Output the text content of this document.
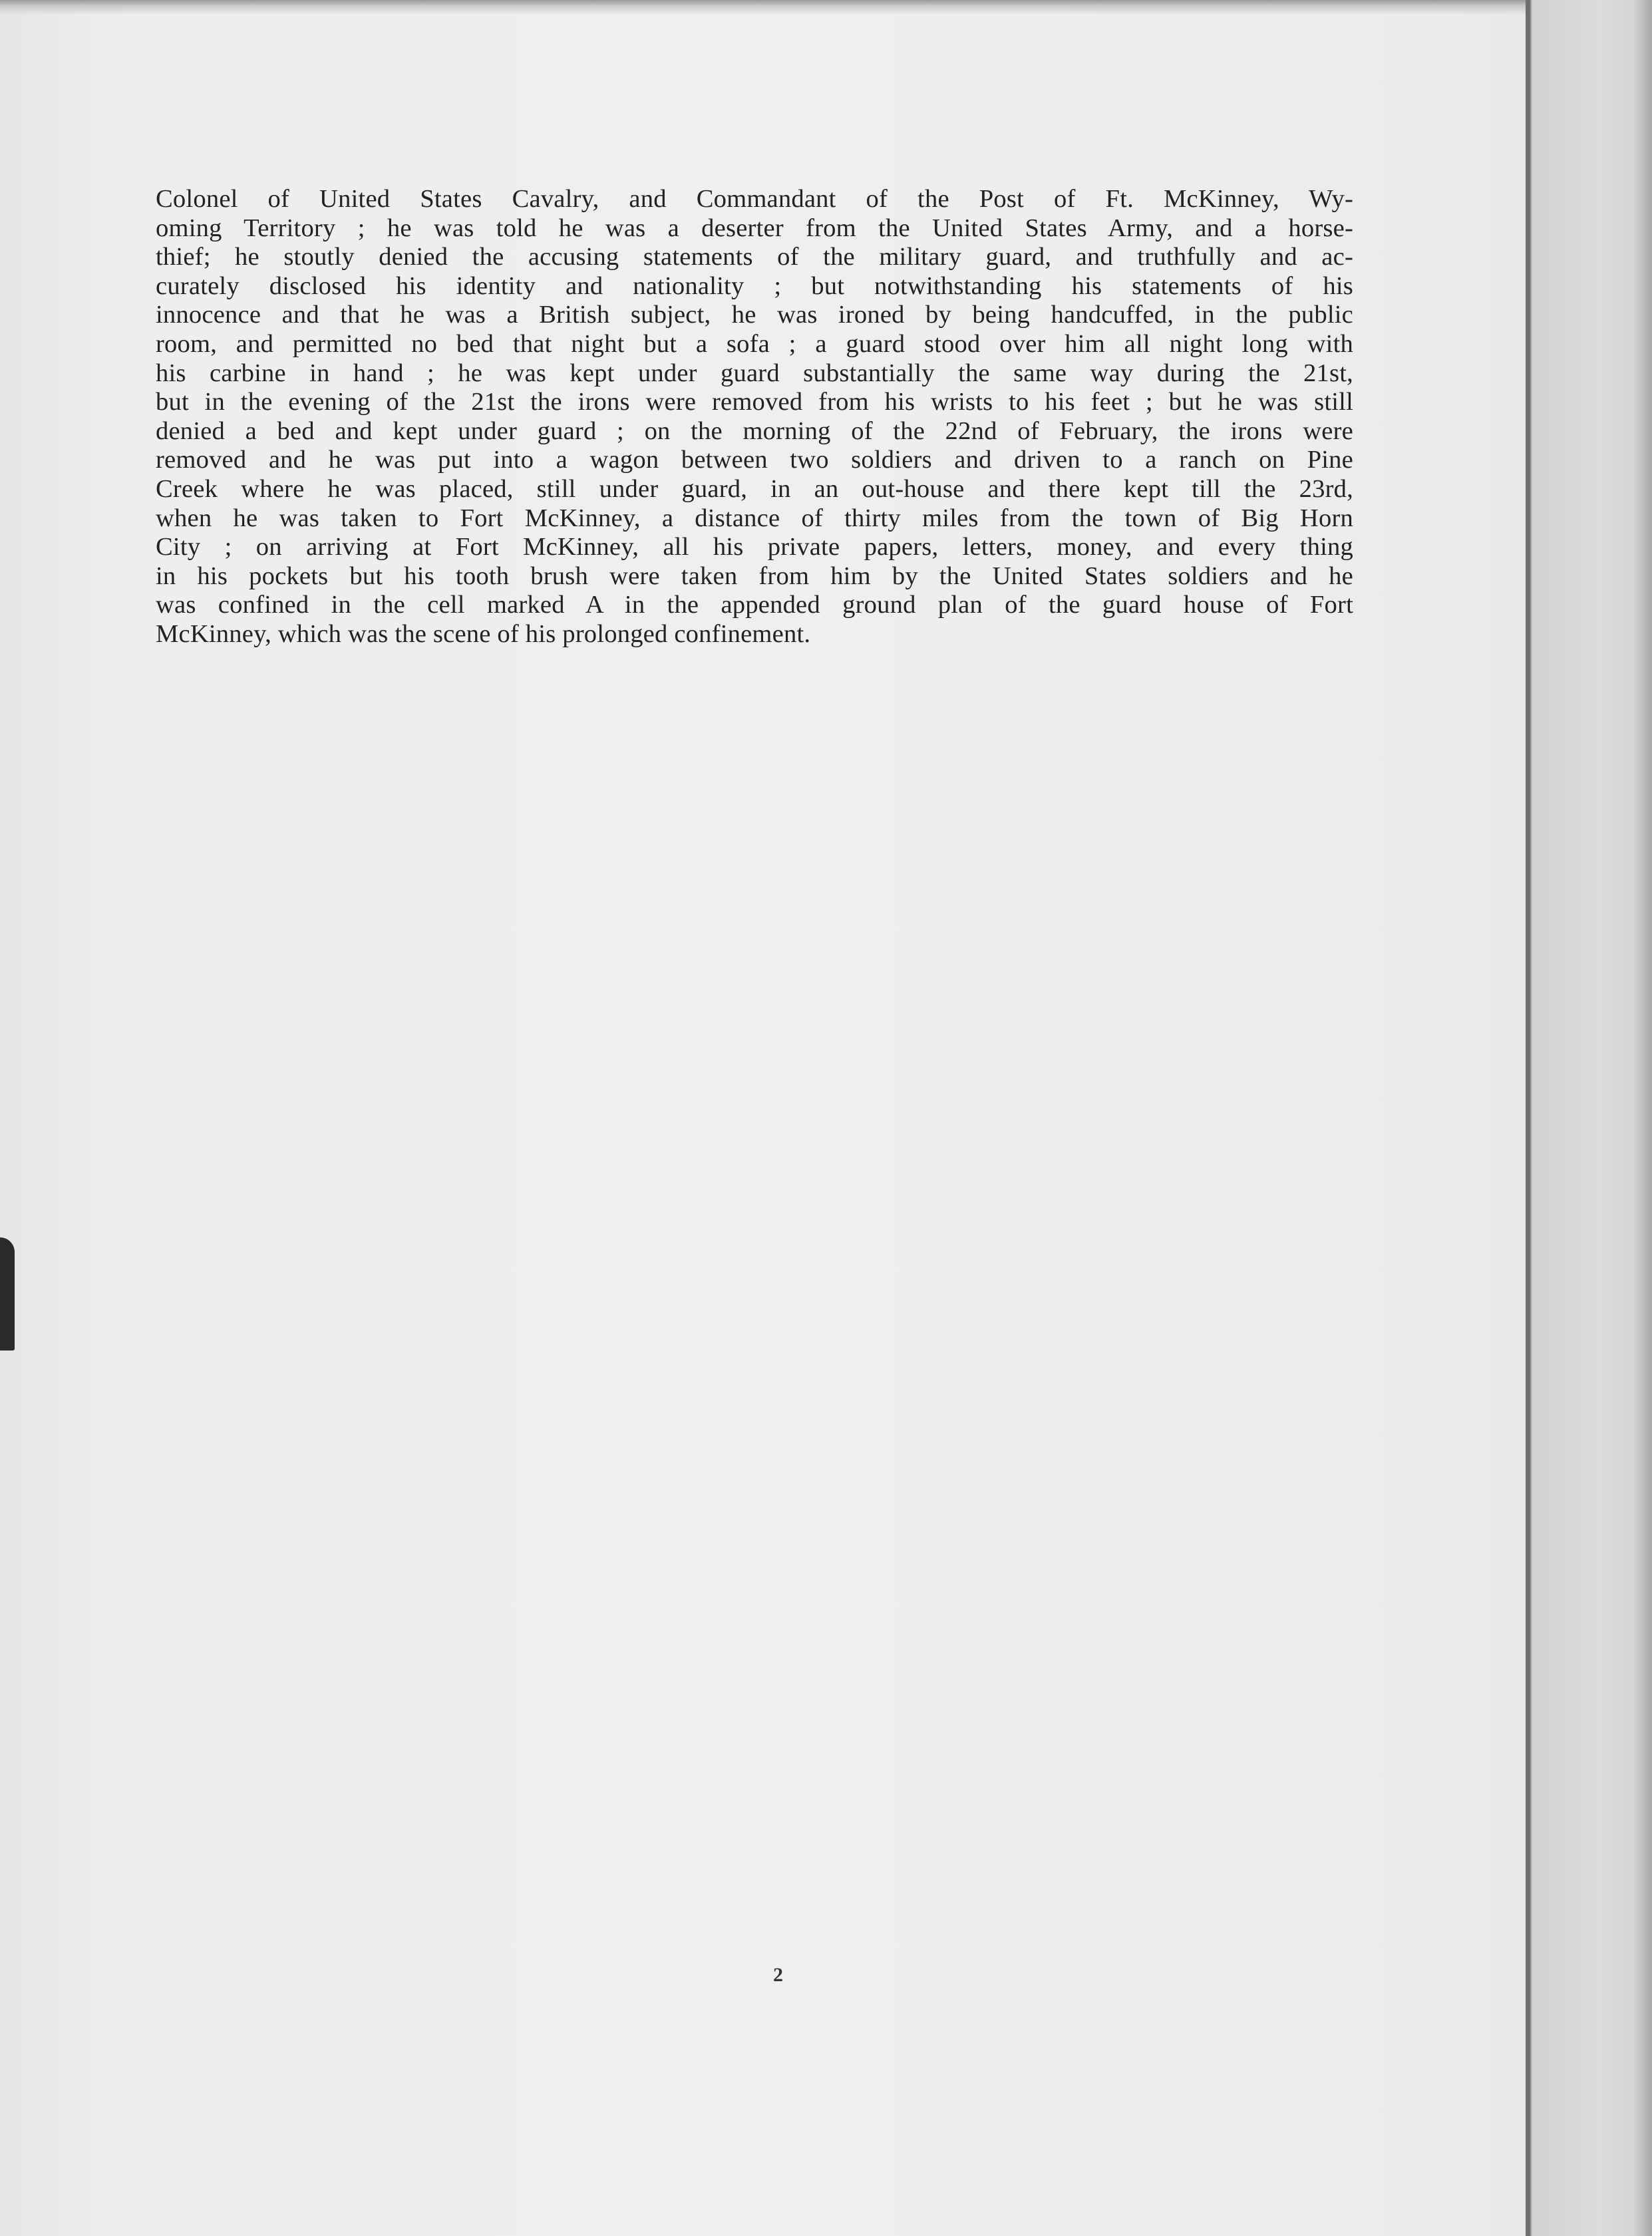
Colonel of United States Cavalry, and Commandant of the Post of Ft. McKinney, Wy-
oming Territory ; he was told he was a deserter from the United States Army, and a horse-
thief; he stoutly denied the accusing statements of the military guard, and truthfully and ac-
curately disclosed his identity and nationality ; but notwithstanding his statements of his
innocence and that he was a British subject, he was ironed by being handcuffed, in the public
room, and permitted no bed that night but a sofa ; a guard stood over him all night long with
his carbine in hand ; he was kept under guard substantially the same way during the 21st,
but in the evening of the 21st the irons were removed from his wrists to his feet ; but he was still
denied a bed and kept under guard ; on the morning of the 22nd of February, the irons were
removed and he was put into a wagon between two soldiers and driven to a ranch on Pine
Creek where he was placed, still under guard, in an out-house and there kept till the 23rd,
when he was taken to Fort McKinney, a distance of thirty miles from the town of Big Horn
City ; on arriving at Fort McKinney, all his private papers, letters, money, and every thing
in his pockets but his tooth brush were taken from him by the United States soldiers and he
was confined in the cell marked A in the appended ground plan of the guard house of Fort
McKinney, which was the scene of his prolonged confinement.

2
